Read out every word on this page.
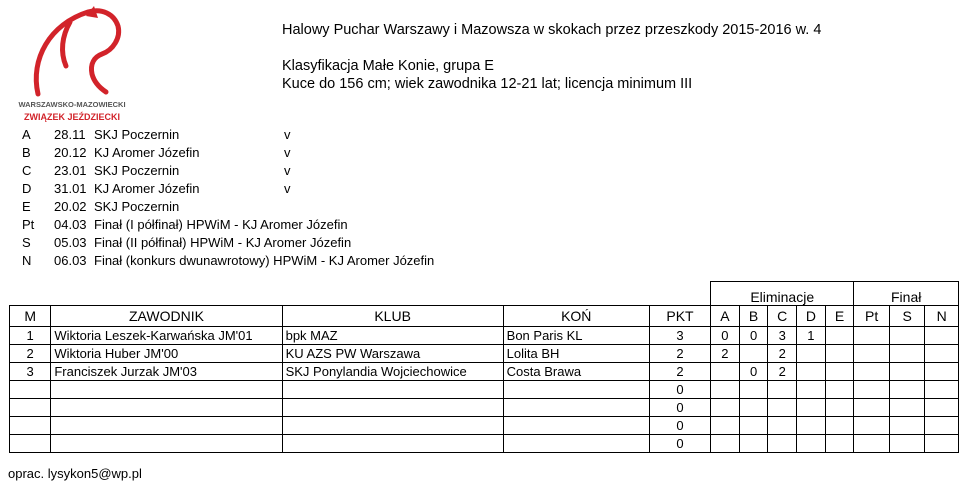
WARSZAWSKO-MAZOWIECKI
ZWIĄZEK JEŹDZIECKI
Halowy Puchar Warszawy i Mazowsza w skokach przez przeszkody 2015-2016 w. 4
Klasyfikacja Małe Konie, grupa E
Kuce do 156 cm; wiek zawodnika 12-21 lat; licencja minimum III
A 28.11 SKJ Poczernin	v
B 20.12 KJ Aromer Józefin	v
C 23.01 SKJ Poczernin	v
D 31.01 KJ Aromer Józefin	v
E 20.02 SKJ Poczernin
Pt 04.03 Finał (I półfinał) HPWiM - KJ Aromer Józefin
S 05.03 Finał (II półfinał) HPWiM - KJ Aromer Józefin
N 06.03 Finał (konkurs dwunawrotowy) HPWiM - KJ Aromer Józefin
					Eliminacje					Finał		
M	ZAWODNIK	KLUB	KOŃ	PKT	A	B	C	D	E	Pt	S	N
1	Wiktoria Leszek-Karwańska JM'01	bpk MAZ	Bon Paris KL	3	0	0	3	1				
2	Wiktoria Huber JM'00	KU AZS PW Warszawa	Lolita BH	2	2		2					
3	Franciszek Jurzak JM'03	SKJ Ponylandia Wojciechowice	Costa Brawa	2		0	2					
				0								
				0								
				0								
				0								
oprac. lysykon5@wp.pl
